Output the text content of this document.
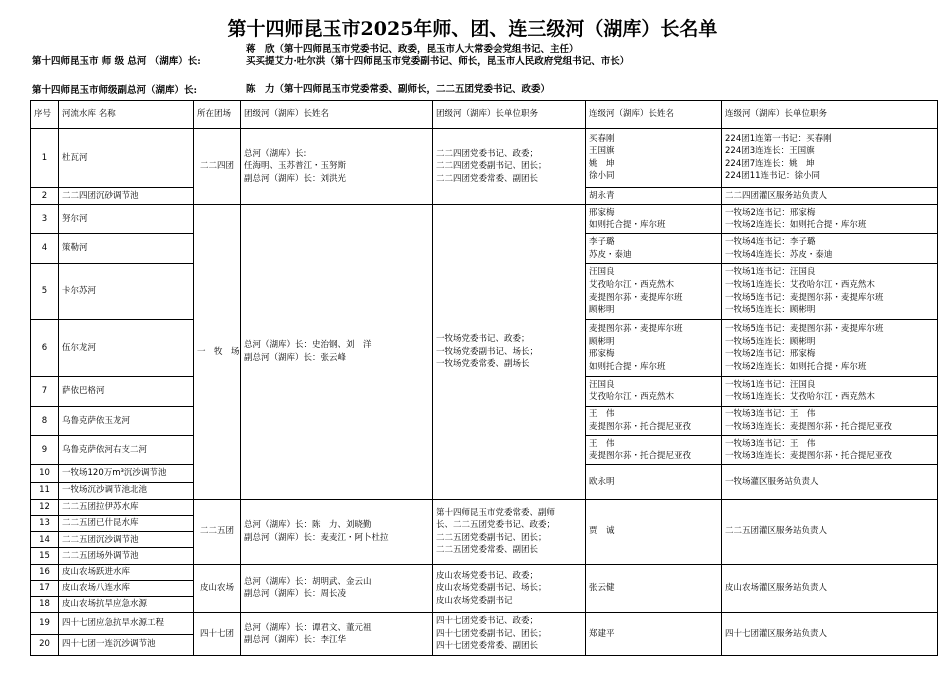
第十四师昆玉市2025年师、团、连三级河（湖库）长名单
第十四师昆玉市 师 级 总河 （湖库）长:
蒋　欣（第十四师昆玉市党委书记、政委，昆玉市人大常委会党组书记、主任）
买买提艾力·吐尔洪（第十四师昆玉市党委副书记、师长，昆玉市人民政府党组书记、市长）
第十四师昆玉市师级副总河（湖库）长:	陈　力（第十四师昆玉市党委常委、副师长，二二五团党委书记、政委）
序号	河流水库 名称	所在团场	团级河（湖库）长姓名	团级河（湖库）长单位职务	连级河（湖库）长姓名	连级河（湖库）长单位职务
1	杜瓦河	二二四团	总河（湖库）长:
任海明、玉苏普江・玉努斯
副总河（湖库）长：刘洪光	二二四团党委书记、政委；
二二四团党委副书记、团长；
二二四团党委常委、副团长	买春刚
王国旗
姚　坤
徐小同	224团1连第一书记：买春刚
224团3连连长：王国旗
224团7连连长：姚　坤
224团11连书记：徐小同

2	二二四团沉砂调节池				胡永青	二二四团灌区服务站负责人
3	努尔河	一　牧　场	总河（湖库）长：史治钢、刘　洋
副总河（湖库）长：张云峰	一牧场党委书记、政委；
一牧场党委副书记、场长；
一牧场党委常委、副场长	邢家梅
如则托合提・库尔班	一牧场2连书记：邢家梅
一牧场2连连长：如则托合提・库尔班

4	策勒河				李子璐
苏皮・泰迪	一牧场4连书记：李子璐
一牧场4连连长：苏皮・泰迪

5	卡尔苏河				汪国良
艾孜哈尔江・西克然木
麦提图尔荪・麦提库尔班
顾彬明	一牧场1连书记：汪国良
一牧场1连连长：艾孜哈尔江・西克然木
一牧场5连书记：麦提图尔荪・麦提库尔班
一牧场5连连长：顾彬明

6	伍尔龙河				麦提图尔荪・麦提库尔班
顾彬明
邢家梅
如则托合提・库尔班	一牧场5连书记：麦提图尔荪・麦提库尔班
一牧场5连连长：顾彬明
一牧场2连书记：邢家梅
一牧场2连连长：如则托合提・库尔班

7	萨依巴格河				汪国良
艾孜哈尔江・西克然木	一牧场1连书记：汪国良
一牧场1连连长：艾孜哈尔江・西克然木

8	乌鲁克萨依玉龙河				王　伟
麦提图尔荪・托合提尼亚孜	一牧场3连书记：王　伟
一牧场3连连长：麦提图尔荪・托合提尼亚孜

9	乌鲁克萨依河右支二河				王　伟
麦提图尔荪・托合提尼亚孜	一牧场3连书记：王　伟
一牧场3连连长：麦提图尔荪・托合提尼亚孜

10	一牧场120万m³沉沙调节池				欧永明	一牧场灌区服务站负责人
11	一牧场沉沙调节池北池					
12	二二五团拉伊苏水库	二二五团	总河（湖库）长：陈　力、刘晓勤
副总河（湖库）长：麦麦江・阿卜杜拉	第十四师昆玉市党委常委、副师
长、二二五团党委书记、政委；
二二五团党委副书记、团长；
二二五团党委常委、副团长	贾　诚	二二五团灌区服务站负责人
13	二二五团已什昆水库					
14	二二五团沉沙调节池					
15	二二五团场外调节池					
16	皮山农场跃进水库	皮山农场	总河（湖库）长：胡明武、金云山
副总河（湖库）长：周长凌	皮山农场党委书记、政委；
皮山农场党委副书记、场长；
皮山农场党委副书记	张云健	皮山农场灌区服务站负责人
17	皮山农场八连水库					
18	皮山农场抗旱应急水源					
19	四十七团应急抗旱水源工程	四十七团	总河（湖库）长：谭君文、董元祖
副总河（湖库）长：李江华	四十七团党委书记、政委；
四十七团党委副书记、团长；
四十七团党委常委、副团长	郑建平	四十七团灌区服务站负责人
20	四十七团一连沉沙调节池					
